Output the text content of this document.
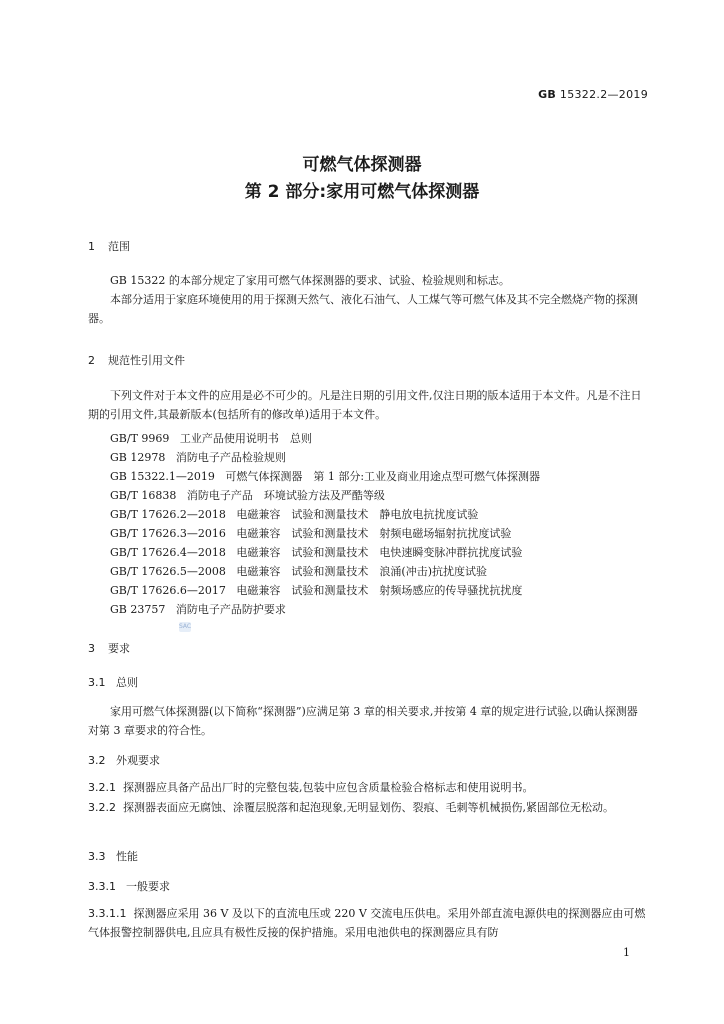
GB 15322.2—2019
可燃气体探测器
第 2 部分:家用可燃气体探测器
1 范围
GB 15322 的本部分规定了家用可燃气体探测器的要求、试验、检验规则和标志。
本部分适用于家庭环境使用的用于探测天然气、液化石油气、人工煤气等可燃气体及其不完全燃烧产物的探测器。
2 规范性引用文件
下列文件对于本文件的应用是必不可少的。凡是注日期的引用文件,仅注日期的版本适用于本文件。凡是不注日期的引用文件,其最新版本(包括所有的修改单)适用于本文件。
GB/T 9969 工业产品使用说明书　总则
GB 12978 消防电子产品检验规则
GB 15322.1—2019 可燃气体探测器　第 1 部分:工业及商业用途点型可燃气体探测器
GB/T 16838 消防电子产品　环境试验方法及严酷等级
GB/T 17626.2—2018 电磁兼容　试验和测量技术　静电放电抗扰度试验
GB/T 17626.3—2016 电磁兼容　试验和测量技术　射频电磁场辐射抗扰度试验
GB/T 17626.4—2018 电磁兼容　试验和测量技术　电快速瞬变脉冲群抗扰度试验
GB/T 17626.5—2008 电磁兼容　试验和测量技术　浪涌(冲击)抗扰度试验
GB/T 17626.6—2017 电磁兼容　试验和测量技术　射频场感应的传导骚扰抗扰度
GB 23757 消防电子产品防护要求
SAC
3 要求
3.1 总则
家用可燃气体探测器(以下简称“探测器”)应满足第 3 章的相关要求,并按第 4 章的规定进行试验,以确认探测器对第 3 章要求的符合性。
3.2 外观要求
3.2.1 探测器应具备产品出厂时的完整包装,包装中应包含质量检验合格标志和使用说明书。
3.2.2 探测器表面应无腐蚀、涂覆层脱落和起泡现象,无明显划伤、裂痕、毛刺等机械损伤,紧固部位无松动。
3.3 性能
3.3.1 一般要求
3.3.1.1 探测器应采用 36 V 及以下的直流电压或 220 V 交流电压供电。采用外部直流电源供电的探测器应由可燃气体报警控制器供电,且应具有极性反接的保护措施。采用电池供电的探测器应具有防
1
